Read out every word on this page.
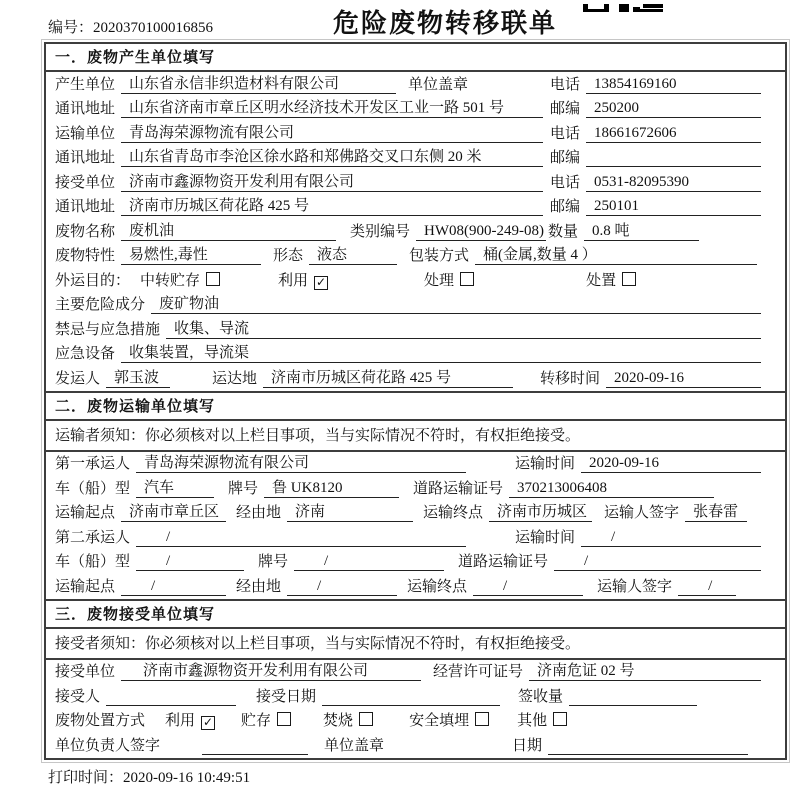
编号：2020370100016856	危险废物转移联单
一．废物产生单位填写
产生单位 山东省永信非织造材料有限公司	单位盖章	电话 13854169160
通讯地址 山东省济南市章丘区明水经济技术开发区工业一路 501 号	邮编 250200
运输单位 青岛海荣源物流有限公司	电话 18661672606
通讯地址 山东省青岛市李沧区徐水路和郑佛路交叉口东侧 20 米	邮编
接受单位 济南市鑫源物资开发利用有限公司	电话 0531-82095390
通讯地址 济南市历城区荷花路 425 号	邮编 250101
废物名称 废机油	类别编号 HW08(900-249-08) 数量 0.8 吨
废物特性 易燃性,毒性	形态 液态	包装方式 桶(金属,数量 4 ）
外运目的： 中转贮存	利用 ✓	处理	处置
主要危险成分 废矿物油
禁忌与应急措施 收集、导流
应急设备 收集装置，导流渠
发运人 郭玉波	运达地 济南市历城区荷花路 425 号	转移时间 2020-09-16
二．废物运输单位填写
运输者须知：你必须核对以上栏目事项，当与实际情况不符时，有权拒绝接受。
第一承运人 青岛海荣源物流有限公司	运输时间 2020-09-16
车（船）型 汽车	牌号 鲁 UK8120	道路运输证号 370213006408
运输起点 济南市章丘区	经由地 济南	运输终点 济南市历城区	运输人签字 张春雷
第二承运人	/	运输时间	/
车（船）型	/	牌号	/	道路运输证号	/
运输起点	/	经由地	/	运输终点	/	运输人签字	/
三．废物接受单位填写
接受者须知：你必须核对以上栏目事项，当与实际情况不符时，有权拒绝接受。
接受单位	济南市鑫源物资开发利用有限公司	经营许可证号 济南危证 02 号
接受人	接受日期	签收量
废物处置方式 利用 ✓ 贮存	焚烧	安全填埋	其他
单位负责人签字	单位盖章	日期
打印时间：2020-09-16 10:49:51
